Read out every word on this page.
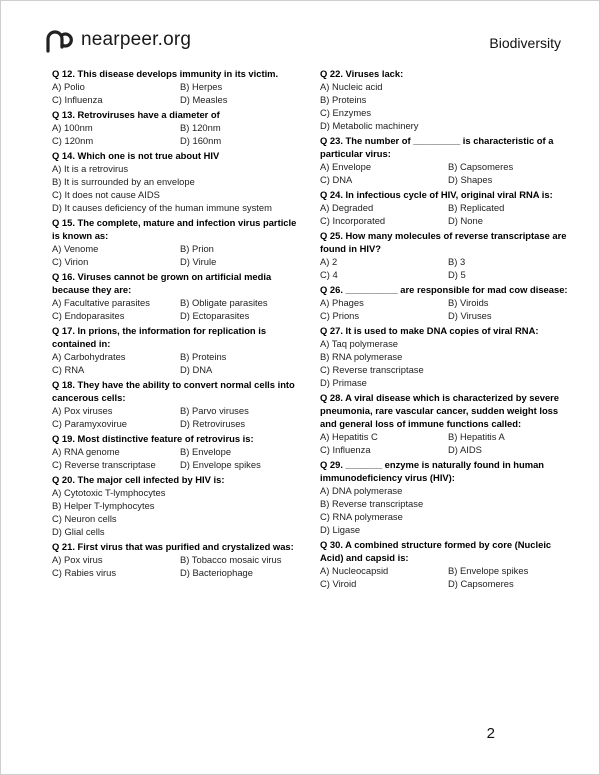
nearpeer.org	Biodiversity
Q 12. This disease develops immunity in its victim.
A) Polio	B) Herpes
C) Influenza	D) Measles
Q 13. Retroviruses have a diameter of
A) 100nm	B) 120nm
C) 120nm	D) 160nm
Q 14. Which one is not true about HIV
A) It is a retrovirus
B) It is surrounded by an envelope
C) It does not cause AIDS
D) It causes deficiency of the human immune system
Q 15. The complete, mature and infection virus particle is known as:
A) Venome	B) Prion
C) Virion	D) Virule
Q 16. Viruses cannot be grown on artificial media because they are:
A) Facultative parasites	B) Obligate parasites
C) Endoparasites	D) Ectoparasites
Q 17. In prions, the information for replication is contained in:
A) Carbohydrates	B) Proteins
C) RNA	D) DNA
Q 18. They have the ability to convert normal cells into cancerous cells:
A) Pox viruses	B) Parvo viruses
C) Paramyxovirue	D) Retroviruses
Q 19. Most distinctive feature of retrovirus is:
A) RNA genome	B) Envelope
C) Reverse transcriptase	D) Envelope spikes
Q 20. The major cell infected by HIV is:
A) Cytotoxic T-lymphocytes
B) Helper T-lymphocytes
C) Neuron cells
D) Glial cells
Q 21. First virus that was purified and crystalized was:
A) Pox virus	B) Tobacco mosaic virus
C) Rabies virus	D) Bacteriophage
Q 22. Viruses lack:
A) Nucleic acid
B) Proteins
C) Enzymes
D) Metabolic machinery
Q 23. The number of _________ is characteristic of a particular virus:
A) Envelope	B) Capsomeres
C) DNA	D) Shapes
Q 24. In infectious cycle of HIV, original viral RNA is:
A) Degraded	B) Replicated
C) Incorporated	D) None
Q 25. How many molecules of reverse transcriptase are found in HIV?
A) 2	B) 3
C) 4	D) 5
Q 26. __________ are responsible for mad cow disease:
A) Phages	B) Viroids
C) Prions	D) Viruses
Q 27. It is used to make DNA copies of viral RNA:
A) Taq polymerase
B) RNA polymerase
C) Reverse transcriptase
D) Primase
Q 28. A viral disease which is characterized by severe pneumonia, rare vascular cancer, sudden weight loss and general loss of immune functions called:
A) Hepatitis C	B) Hepatitis A
C) Influenza	D) AIDS
Q 29. _______ enzyme is naturally found in human immunodeficiency virus (HIV):
A) DNA polymerase
B) Reverse transcriptase
C) RNA polymerase
D) Ligase
Q 30. A combined structure formed by core (Nucleic Acid) and capsid is:
A) Nucleocapsid	B) Envelope spikes
C) Viroid	D) Capsomeres
2
